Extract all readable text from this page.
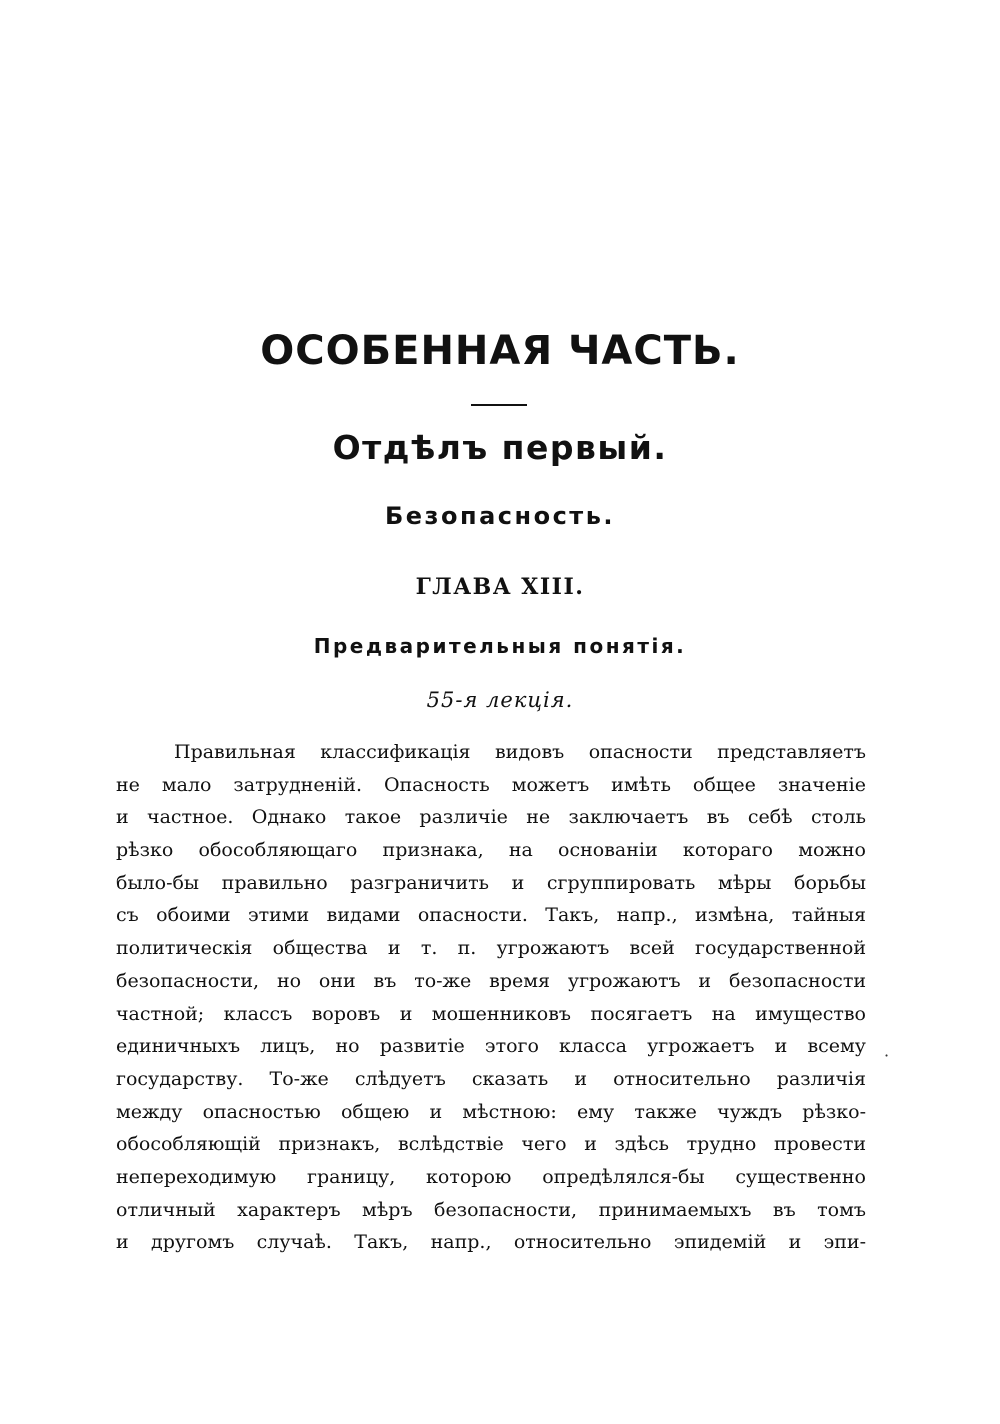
ОСОБЕННАЯ ЧАСТЬ.
Отдѣлъ первый.
Безопасность.
ГЛАВА XIII.
Предварительныя понятія.
55-я лекція.
Правильная классификація видовъ опасности представляетъ
не мало затрудненій. Опасность можетъ имѣть общее значеніе
и частное. Однако такое различіе не заключаетъ въ себѣ столь
рѣзко обособляющаго признака, на основаніи котораго можно
было-бы правильно разграничить и сгруппировать мѣры борьбы
съ обоими этими видами опасности. Такъ, напр., измѣна, тайныя
политическія общества и т. п. угрожаютъ всей государственной
безопасности, но они въ то-же время угрожаютъ и безопасности
частной; классъ воровъ и мошенниковъ посягаетъ на имущество
единичныхъ лицъ, но развитіе этого класса угрожаетъ и всему
государству. То-же слѣдуетъ сказать и относительно различія
между опасностью общею и мѣстною: ему также чуждъ рѣзко-
обособляющій признакъ, вслѣдствіе чего и здѣсь трудно провести
непереходимую границу, которою опредѣлялся-бы существенно
отличный характеръ мѣръ безопасности, принимаемыхъ въ томъ
и другомъ случаѣ. Такъ, напр., относительно эпидемій и эпи-
·
